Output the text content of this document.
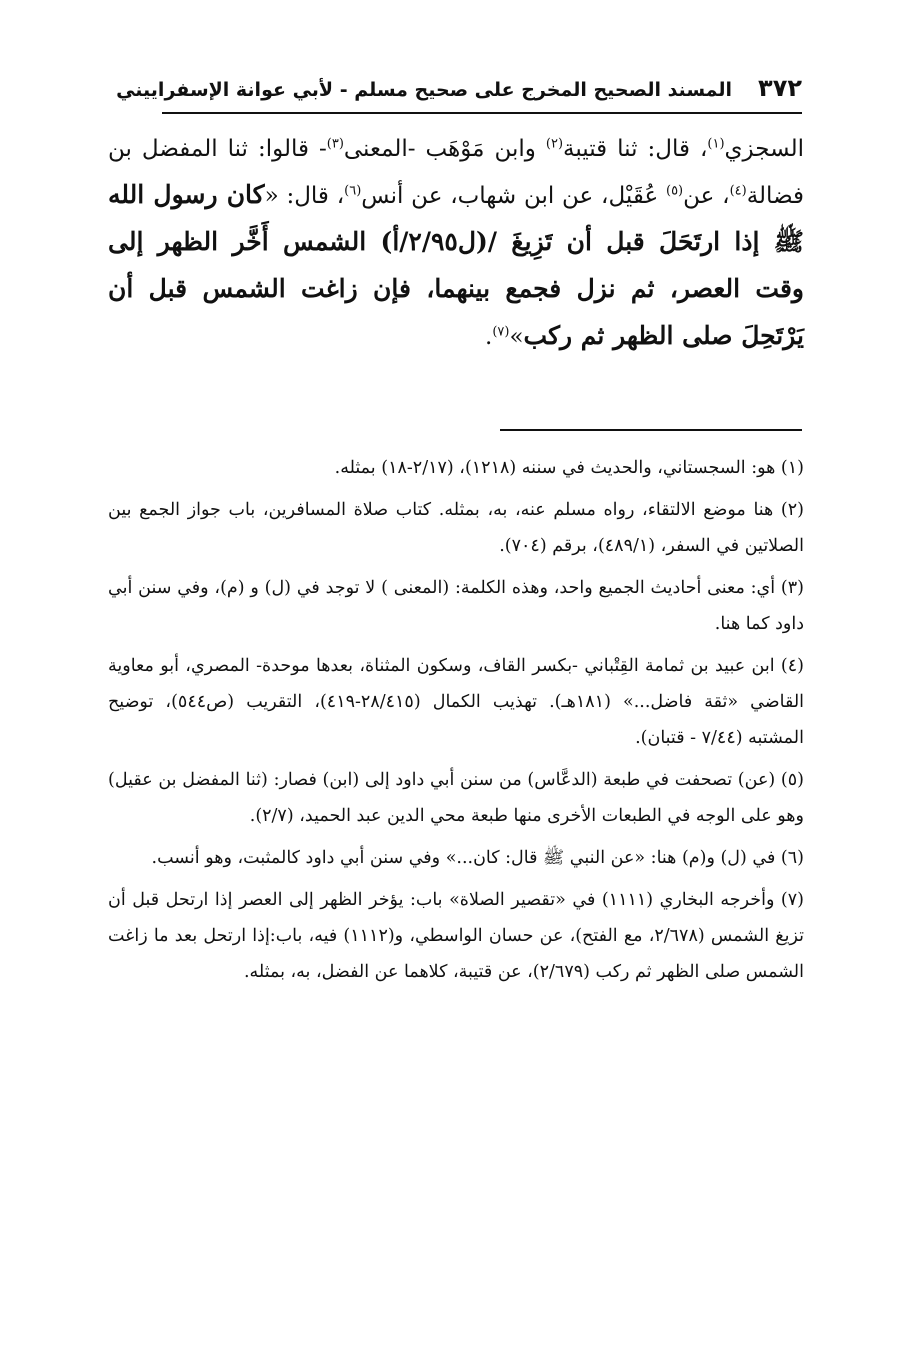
٣٧٢
المسند الصحيح المخرج على صحيح مسلم - لأبي عوانة الإسفراييني
السجزي$^{(١)}$، قال: ثنا قتيبة$^{(٢)}$ وابن مَوْهَب -المعنى$^{(٣)}$- قالوا: ثنا المفضل بن فضالة$^{(٤)}$، عن$^{(٥)}$ عُقَيْل، عن ابن شهاب، عن أنس$^{(٦)}$، قال: «كان رسول الله ﷺ إذا ارتَحَلَ قبل أن تَزِيغَ /(ل٢/٩٥/أ) الشمس أَخَّر الظهر إلى وقت العصر، ثم نزل فجمع بينهما، فإن زاغت الشمس قبل أن يَرْتَحِلَ صلى الظهر ثم ركب»$^{(٧)}$.
(١) هو: السجستاني، والحديث في سننه (١٢١٨)، (٢/١٧-١٨) بمثله.
(٢) هنا موضع الالتقاء، رواه مسلم عنه، به، بمثله. كتاب صلاة المسافرين، باب جواز الجمع بين الصلاتين في السفر، (٤٨٩/١)، برقم (٧٠٤).
(٣) أي: معنى أحاديث الجميع واحد، وهذه الكلمة: (المعنى ) لا توجد في (ل) و (م)، وفي سنن أبي داود كما هنا.
(٤) ابن عبيد بن ثمامة القِتْباني -بكسر القاف، وسكون المثناة، بعدها موحدة- المصري، أبو معاوية القاضي «ثقة فاضل...» (١٨١هـ). تهذيب الكمال (٢٨/٤١٥-٤١٩)، التقريب (ص٥٤٤)، توضيح المشتبه (٧/٤٤ - قتبان).
(٥) (عن) تصحفت في طبعة (الدعَّاس) من سنن أبي داود إلى (ابن) فصار: (ثنا المفضل بن عقيل) وهو على الوجه في الطبعات الأخرى منها طبعة محي الدين عبد الحميد، (٢/٧).
(٦) في (ل) و(م) هنا: «عن النبي ﷺ قال: كان...» وفي سنن أبي داود كالمثبت، وهو أنسب.
(٧) وأخرجه البخاري (١١١١) في «تقصير الصلاة» باب: يؤخر الظهر إلى العصر إذا ارتحل قبل أن تزيغ الشمس (٢/٦٧٨، مع الفتح)، عن حسان الواسطي، و(١١١٢) فيه، باب:إذا ارتحل بعد ما زاغت الشمس صلى الظهر ثم ركب (٢/٦٧٩)، عن قتيبة، كلاهما عن الفضل، به، بمثله.
